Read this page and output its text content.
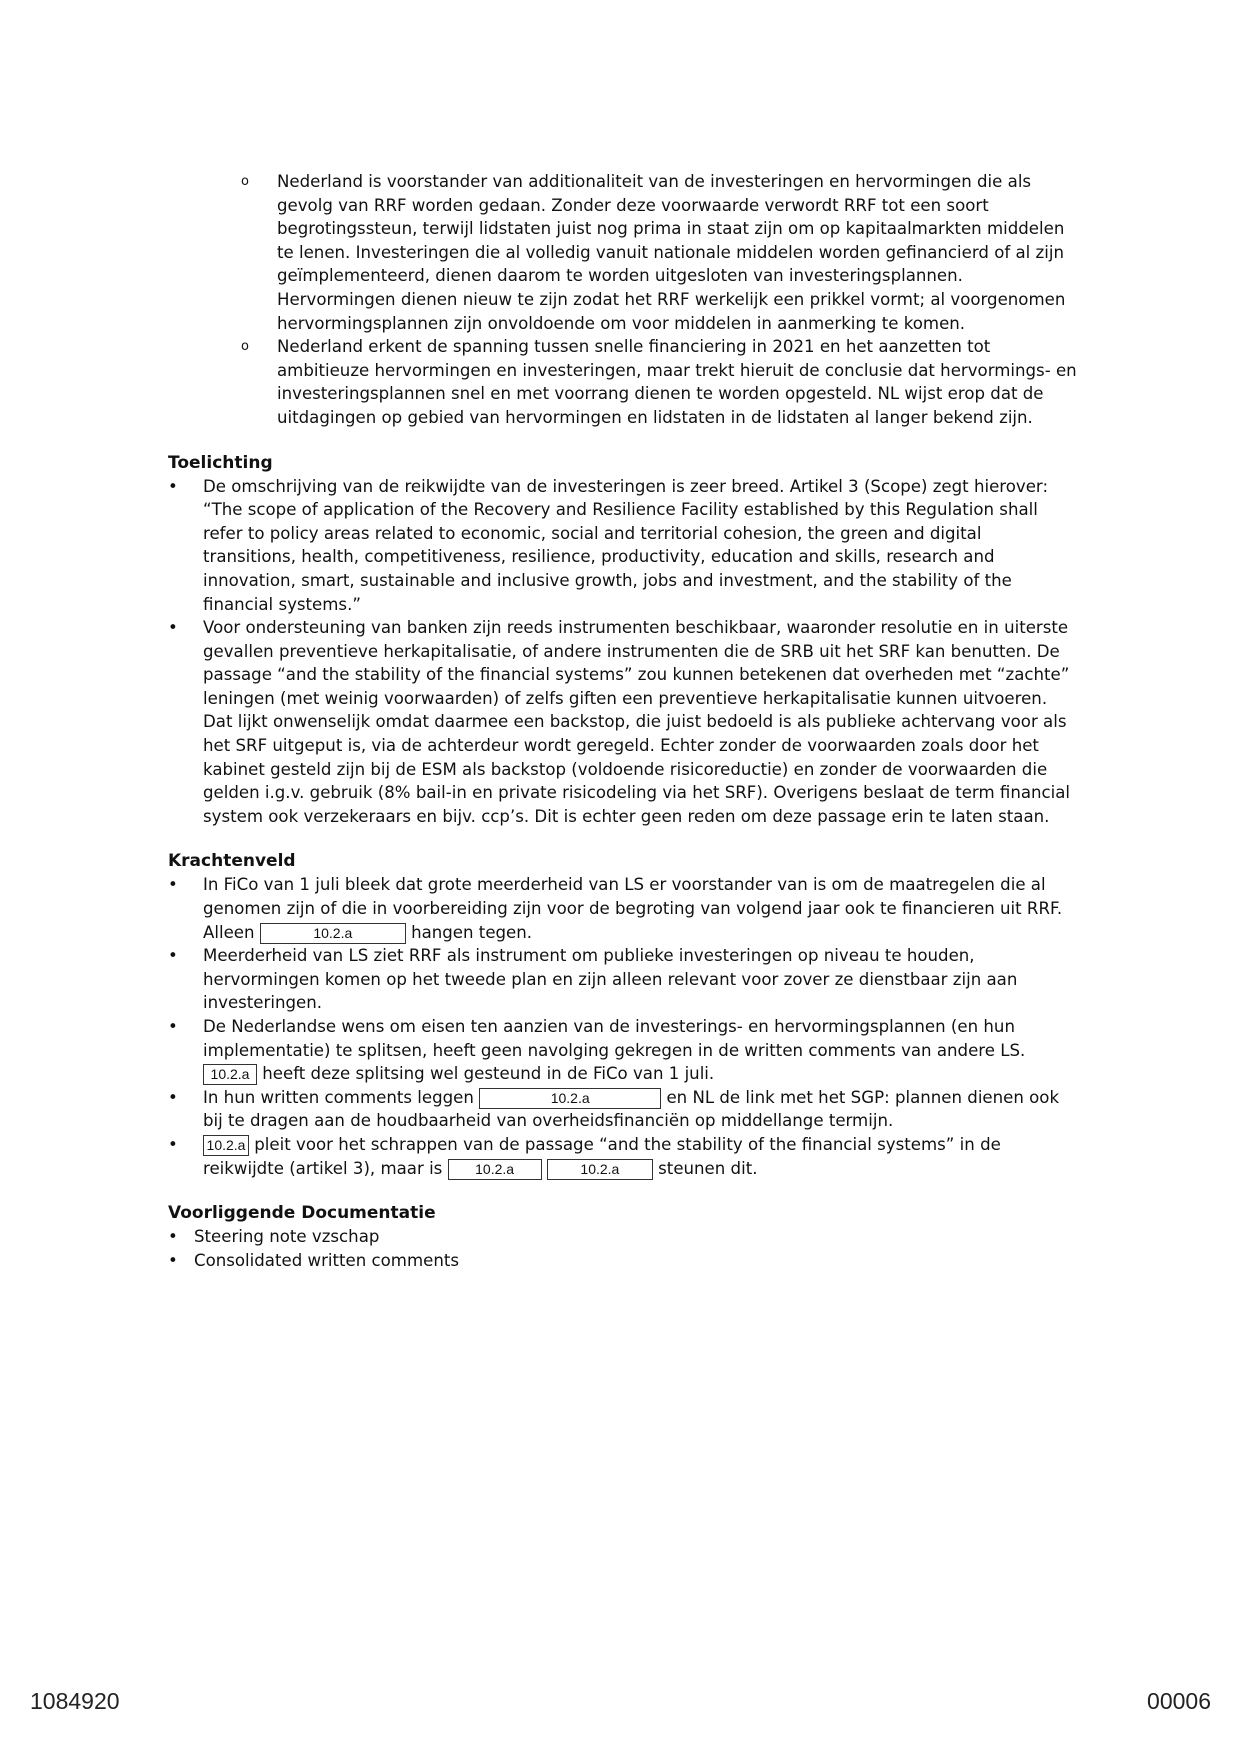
o Nederland is voorstander van additionaliteit van de investeringen en hervormingen die als gevolg van RRF worden gedaan. Zonder deze voorwaarde verwordt RRF tot een soort begrotingssteun, terwijl lidstaten juist nog prima in staat zijn om op kapitaalmarkten middelen te lenen. Investeringen die al volledig vanuit nationale middelen worden gefinancierd of al zijn geïmplementeerd, dienen daarom te worden uitgesloten van investeringsplannen. Hervormingen dienen nieuw te zijn zodat het RRF werkelijk een prikkel vormt; al voorgenomen hervormingsplannen zijn onvoldoende om voor middelen in aanmerking te komen.
o Nederland erkent de spanning tussen snelle financiering in 2021 en het aanzetten tot ambitieuze hervormingen en investeringen, maar trekt hieruit de conclusie dat hervormings- en investeringsplannen snel en met voorrang dienen te worden opgesteld. NL wijst erop dat de uitdagingen op gebied van hervormingen en lidstaten in de lidstaten al langer bekend zijn.
Toelichting
• De omschrijving van de reikwijdte van de investeringen is zeer breed. Artikel 3 (Scope) zegt hierover:
“The scope of application of the Recovery and Resilience Facility established by this Regulation shall refer to policy areas related to economic, social and territorial cohesion, the green and digital transitions, health, competitiveness, resilience, productivity, education and skills, research and innovation, smart, sustainable and inclusive growth, jobs and investment, and the stability of the financial systems.”
• Voor ondersteuning van banken zijn reeds instrumenten beschikbaar, waaronder resolutie en in uiterste gevallen preventieve herkapitalisatie, of andere instrumenten die de SRB uit het SRF kan benutten. De passage “and the stability of the financial systems” zou kunnen betekenen dat overheden met “zachte” leningen (met weinig voorwaarden) of zelfs giften een preventieve herkapitalisatie kunnen uitvoeren. Dat lijkt onwenselijk omdat daarmee een backstop, die juist bedoeld is als publieke achtervang voor als het SRF uitgeput is, via de achterdeur wordt geregeld. Echter zonder de voorwaarden zoals door het kabinet gesteld zijn bij de ESM als backstop (voldoende risicoreductie) en zonder de voorwaarden die gelden i.g.v. gebruik (8% bail-in en private risicodeling via het SRF). Overigens beslaat de term financial system ook verzekeraars en bijv. ccp’s. Dit is echter geen reden om deze passage erin te laten staan.
Krachtenveld
• In FiCo van 1 juli bleek dat grote meerderheid van LS er voorstander van is om de maatregelen die al genomen zijn of die in voorbereiding zijn voor de begroting van volgend jaar ook te financieren uit RRF. Alleen	10.2.a	hangen tegen.
• Meerderheid van LS ziet RRF als instrument om publieke investeringen op niveau te houden, hervormingen komen op het tweede plan en zijn alleen relevant voor zover ze dienstbaar zijn aan investeringen.
• De Nederlandse wens om eisen ten aanzien van de investerings- en hervormingsplannen (en hun implementatie) te splitsen, heeft geen navolging gekregen in de written comments van andere LS. 10.2.a heeft deze splitsing wel gesteund in de FiCo van 1 juli.
• In hun written comments leggen	10.2.a	en NL de link met het SGP: plannen dienen ook bij te dragen aan de houdbaarheid van overheidsfinanciën op middellange termijn.
• 10.2.a pleit voor het schrappen van de passage “and the stability of the financial systems” in de reikwijdte (artikel 3), maar is 10.2.a	10.2.a steunen dit.
Voorliggende Documentatie
• Steering note vzschap
• Consolidated written comments
1084920	00006
